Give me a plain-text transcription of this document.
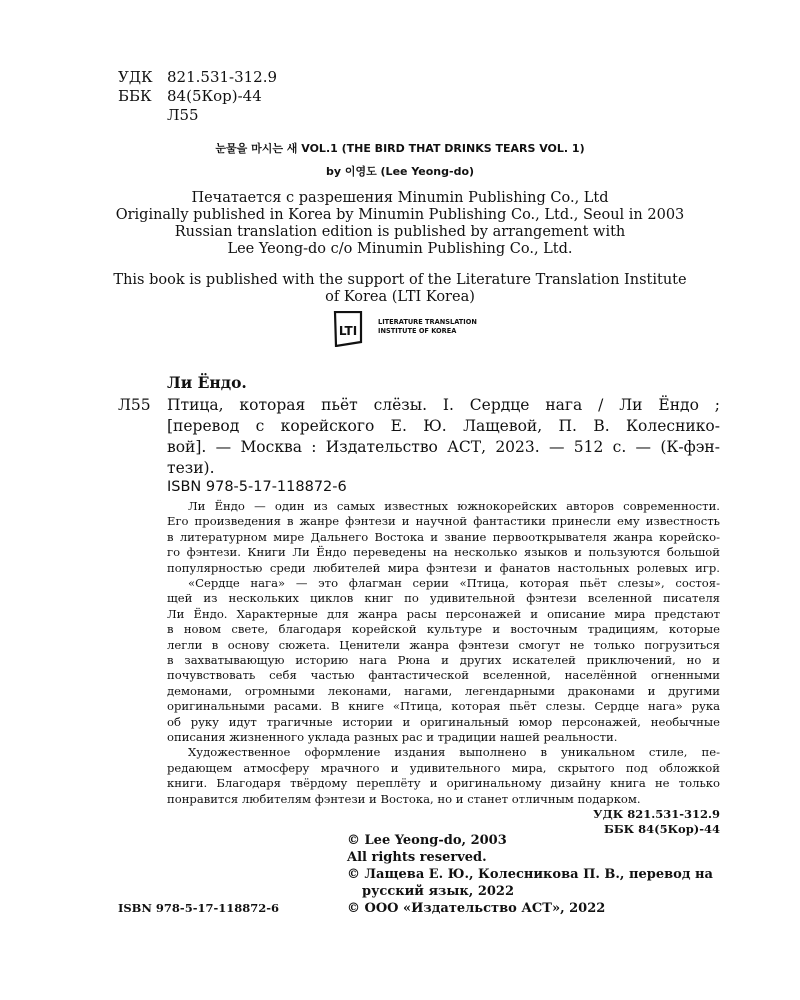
УДК 821.531-312.9
ББК 84(5Кор)-44
Л55
눈물을 마시는 새 VOL.1 (THE BIRD THAT DRINKS TEARS VOL. 1)
by 이영도 (Lee Yeong-do)
Печатается с разрешения Minumin Publishing Co., Ltd
Originally published in Korea by Minumin Publishing Co., Ltd., Seoul in 2003
Russian translation edition is published by arrangement with
Lee Yeong-do c/o Minumin Publishing Co., Ltd.
This book is published with the support of the Literature Translation Institute
of Korea (LTI Korea)
LTI
LITERATURE TRANSLATION
INSTITUTE OF KOREA
Ли Ёндо.
Л55 Птица, которая пьёт слёзы. I. Сердце нага / Ли Ёндо ;
[перевод с корейского Е. Ю. Лащевой, П. В. Колеснико-
вой]. — Москва : Издательство АСТ, 2023. — 512 с. — (К-фэн-
тези).
ISBN 978-5-17-118872-6
Ли Ёндо — один из самых известных южнокорейских авторов современности.
Его произведения в жанре фэнтези и научной фантастики принесли ему известность
в литературном мире Дальнего Востока и звание первооткрывателя жанра корейско-
го фэнтези. Книги Ли Ёндо переведены на несколько языков и пользуются большой
популярностью среди любителей мира фэнтези и фанатов настольных ролевых игр.
«Сердце нага» — это флагман серии «Птица, которая пьёт слезы», состоя-
щей из нескольких циклов книг по удивительной фэнтези вселенной писателя
Ли Ёндо. Характерные для жанра расы персонажей и описание мира предстают
в новом свете, благодаря корейской культуре и восточным традициям, которые
легли в основу сюжета. Ценители жанра фэнтези смогут не только погрузиться
в захватывающую историю нага Рюна и других искателей приключений, но и
почувствовать себя частью фантастической вселенной, населённой огненными
демонами, огромными леконами, нагами, легендарными драконами и другими
оригинальными расами. В книге «Птица, которая пьёт слезы. Сердце нага» рука
об руку идут трагичные истории и оригинальный юмор персонажей, необычные
описания жизненного уклада разных рас и традиции нашей реальности.
Художественное оформление издания выполнено в уникальном стиле, пе-
редающем атмосферу мрачного и удивительного мира, скрытого под обложкой
книги. Благодаря твёрдому переплёту и оригинальному дизайну книга не только
понравится любителям фэнтези и Востока, но и станет отличным подарком.
УДК 821.531-312.9
ББК 84(5Кор)-44
© Lee Yeong-do, 2003
All rights reserved.
© Лащева Е. Ю., Колесникова П. В., перевод на
русский язык, 2022
© ООО «Издательство АСТ», 2022
ISBN 978-5-17-118872-6
